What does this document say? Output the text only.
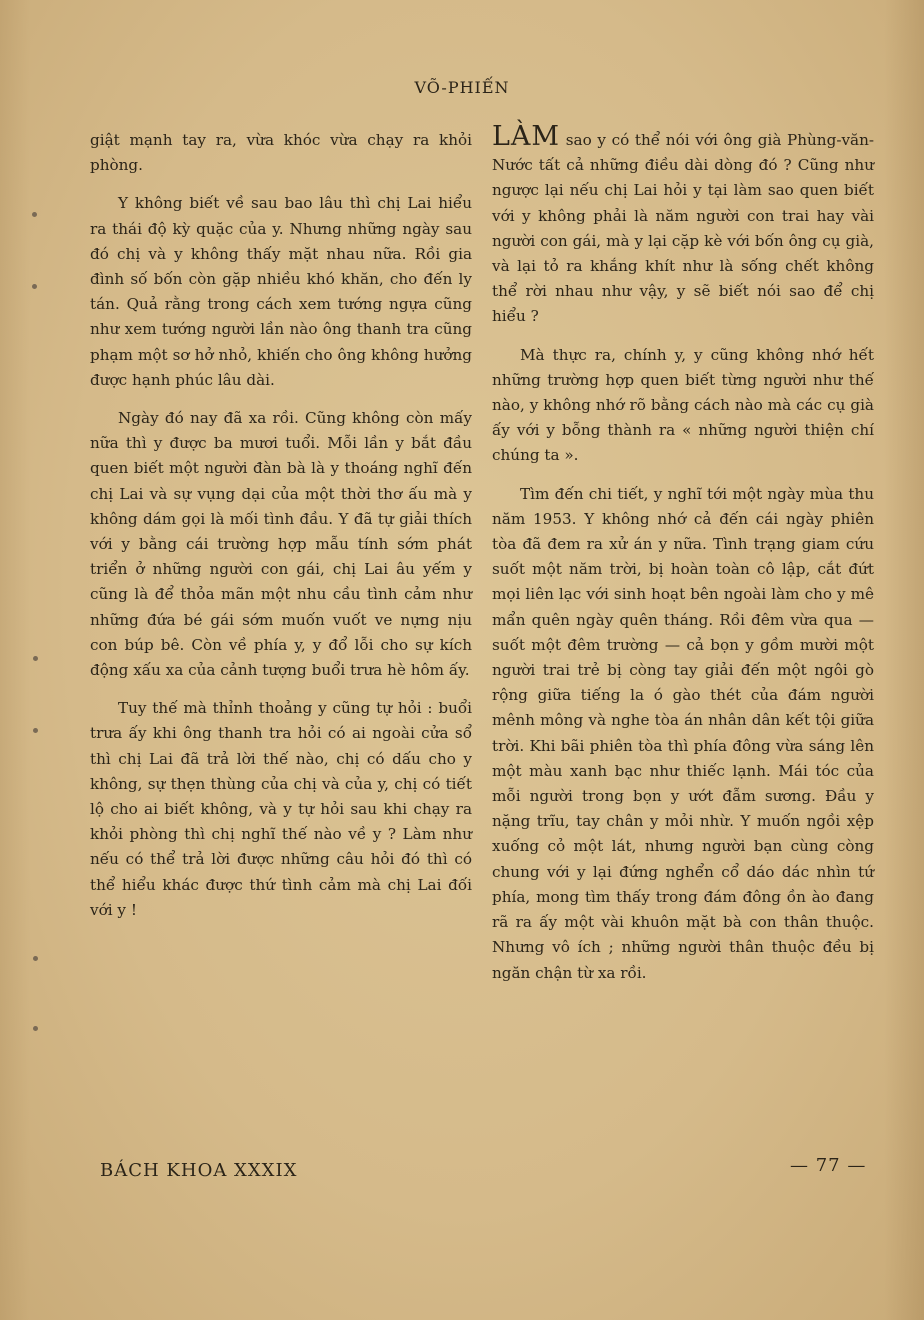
VÕ-PHIẾN

giật mạnh tay ra, vừa khóc vừa chạy ra khỏi phòng.

Y không biết về sau bao lâu thì chị Lai hiểu ra thái độ kỳ quặc của y. Nhưng những ngày sau đó chị và y không thấy mặt nhau nữa. Rồi gia đình số bốn còn gặp nhiều khó khăn, cho đến ly tán. Quả rằng trong cách xem tướng ngựa cũng như xem tướng người lần nào ông thanh tra cũng phạm một sơ hở nhỏ, khiến cho ông không hưởng được hạnh phúc lâu dài.

Ngày đó nay đã xa rồi. Cũng không còn mấy nữa thì y được ba mươi tuổi. Mỗi lần y bắt đầu quen biết một người đàn bà là y thoáng nghĩ đến chị Lai và sự vụng dại của một thời thơ ấu mà y không dám gọi là mối tình đầu. Y đã tự giải thích với y bằng cái trường hợp mẫu tính sớm phát triển ở những người con gái, chị Lai âu yếm y cũng là để thỏa mãn một nhu cầu tình cảm như những đứa bé gái sớm muốn vuốt ve nựng nịu con búp bê. Còn về phía y, y đổ lỗi cho sự kích động xấu xa của cảnh tượng buổi trưa hè hôm ấy.

Tuy thế mà thỉnh thoảng y cũng tự hỏi : buổi trưa ấy khi ông thanh tra hỏi có ai ngoài cửa sổ thì chị Lai đã trả lời thế nào, chị có dấu cho y không, sự thẹn thùng của chị và của y, chị có tiết lộ cho ai biết không, và y tự hỏi sau khi chạy ra khỏi phòng thì chị nghĩ thế nào về y ? Làm như nếu có thể trả lời được những câu hỏi đó thì có thể hiểu khác được thứ tình cảm mà chị Lai đối với y !

LÀM sao y có thể nói với ông già Phùng-văn-Nước tất cả những điều dài dòng đó ? Cũng như ngược lại nếu chị Lai hỏi y tại làm sao quen biết với y không phải là năm người con trai hay vài người con gái, mà y lại cặp kè với bốn ông cụ già, và lại tỏ ra khắng khít như là sống chết không thể rời nhau như vậy, y sẽ biết nói sao để chị hiểu ?

Mà thực ra, chính y, y cũng không nhớ hết những trường hợp quen biết từng người như thế nào, y không nhớ rõ bằng cách nào mà các cụ già ấy với y bỗng thành ra « những người thiện chí chúng ta ».

Tìm đến chi tiết, y nghĩ tới một ngày mùa thu năm 1953. Y không nhớ cả đến cái ngày phiên tòa đã đem ra xử án y nữa. Tình trạng giam cứu suốt một năm trời, bị hoàn toàn cô lập, cắt đứt mọi liên lạc với sinh hoạt bên ngoài làm cho y mê mẩn quên ngày quên tháng. Rồi đêm vừa qua — suốt một đêm trường — cả bọn y gồm mười một người trai trẻ bị còng tay giải đến một ngôi gò rộng giữa tiếng la ó gào thét của đám người mênh mông và nghe tòa án nhân dân kết tội giữa trời. Khi bãi phiên tòa thì phía đông vừa sáng lên một màu xanh bạc như thiếc lạnh. Mái tóc của mỗi người trong bọn y ướt đẫm sương. Đầu y nặng trĩu, tay chân y mỏi nhừ. Y muốn ngồi xệp xuống cỏ một lát, nhưng người bạn cùng còng chung với y lại đứng nghển cổ dáo dác nhìn tứ phía, mong tìm thấy trong đám đông ồn ào đang rã ra ấy một vài khuôn mặt bà con thân thuộc. Nhưng vô ích ; những người thân thuộc đều bị ngăn chận từ xa rồi.

BÁCH KHOA XXXIX	— 77 —
